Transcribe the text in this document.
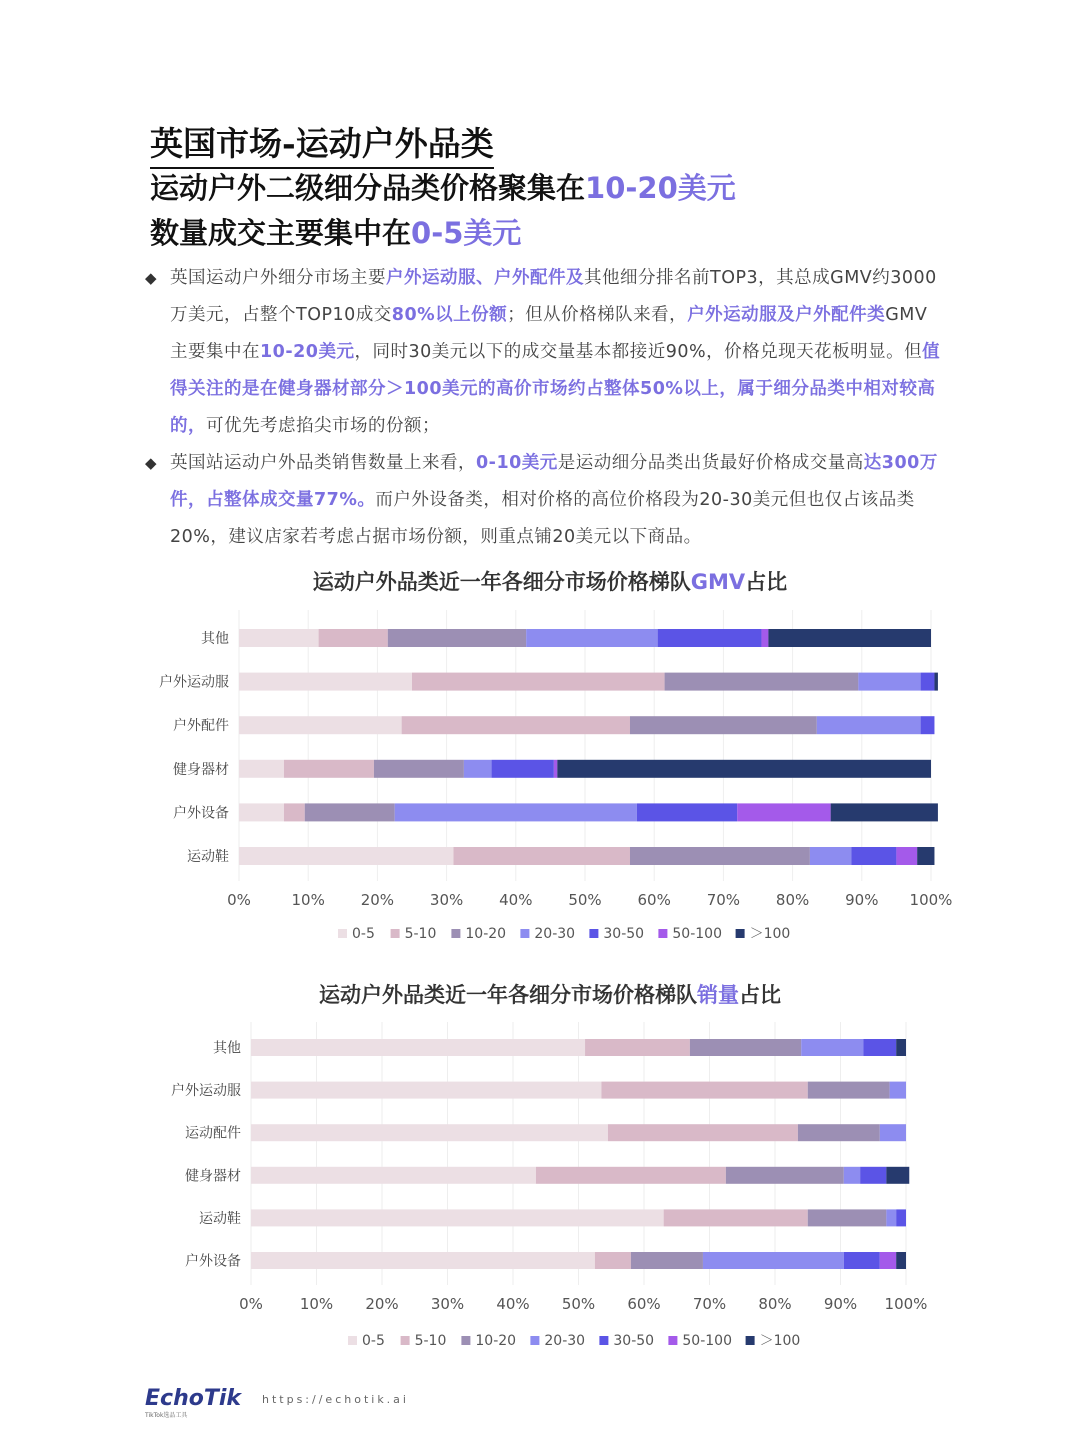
英国市场-运动户外品类
运动户外二级细分品类价格聚集在10-20美元
数量成交主要集中在0-5美元
◆ 英国运动户外细分市场主要户外运动服、户外配件及其他细分排名前TOP3，其总成GMV约3000万美元，占整个TOP10成交80%以上份额；但从价格梯队来看，户外运动服及户外配件类GMV主要集中在10-20美元，同时30美元以下的成交量基本都接近90%，价格兑现天花板明显。但值得关注的是在健身器材部分＞100美元的高价市场约占整体50%以上，属于细分品类中相对较高的，可优先考虑掐尖市场的份额；
◆ 英国站运动户外品类销售数量上来看，0-10美元是运动细分品类出货最好价格成交量高达300万件，占整体成交量77%。而户外设备类，相对价格的高位价格段为20-30美元但也仅占该品类20%，建议店家若考虑占据市场份额，则重点铺20美元以下商品。
运动户外品类近一年各细分市场价格梯队GMV占比
其他
户外运动服
户外配件
健身器材
户外设备
运动鞋
0%	10% 20% 30% 40% 50% 60% 70% 80% 90% 100%
0-5 5-10 10-20 20-30 30-50 50-100 ＞100
运动户外品类近一年各细分市场价格梯队销量占比
其他
户外运动服
运动配件
健身器材
运动鞋
户外设备
0% 10% 20% 30% 40% 50% 60% 70% 80% 90% 100%
0-5 5-10 10-20 20-30 30-50 50-100 ＞100
EchoTik
TikTok选品工具
https://echotik.ai
